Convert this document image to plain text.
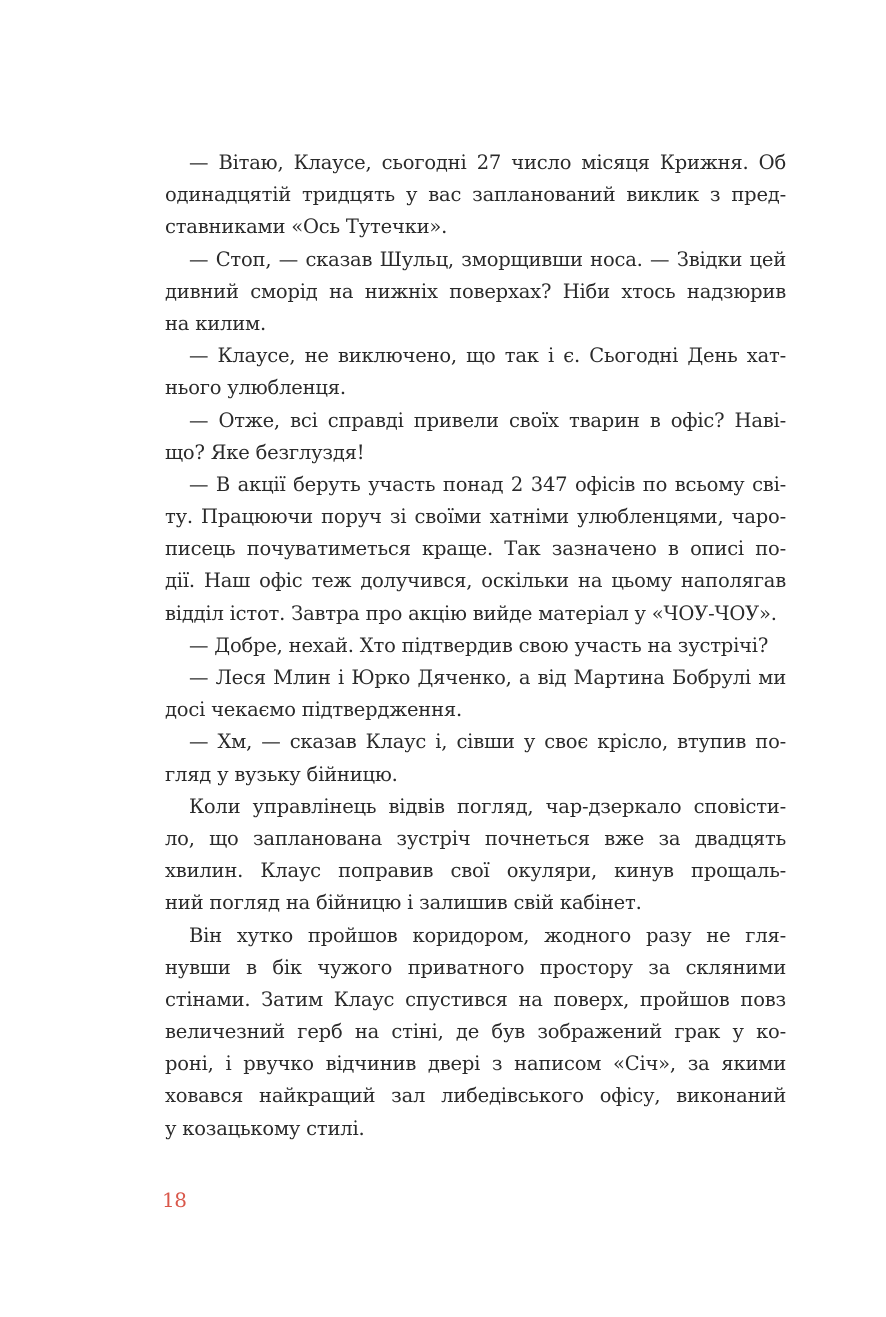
— Вітаю, Клаусе, сьогодні 27 число місяця Крижня. Об
одинадцятій тридцять у вас запланований виклик з пред-
ставниками «Ось Тутечки».
— Стоп, — сказав Шульц, зморщивши носа. — Звідки цей
дивний сморід на нижніх поверхах? Ніби хтось надзюрив
на килим.
— Клаусе, не виключено, що так і є. Сьогодні День хат-
нього улюбленця.
— Отже, всі справді привели своїх тварин в офіс? Наві-
що? Яке безглуздя!
— В акції беруть участь понад 2 347 офісів по всьому сві-
ту. Працюючи поруч зі своїми хатніми улюбленцями, чаро-
писець почуватиметься краще. Так зазначено в описі по-
дії. Наш офіс теж долучився, оскільки на цьому наполягав
відділ істот. Завтра про акцію вийде матеріал у «ЧОУ-ЧОУ».
— Добре, нехай. Хто підтвердив свою участь на зустрічі?
— Леся Млин і Юрко Дяченко, а від Мартина Бобрулі ми
досі чекаємо підтвердження.
— Хм, — сказав Клаус і, сівши у своє крісло, втупив по-
гляд у вузьку бійницю.
Коли управлінець відвів погляд, чар-дзеркало сповісти-
ло, що запланована зустріч почнеться вже за двадцять
хвилин. Клаус поправив свої окуляри, кинув прощаль-
ний погляд на бійницю і залишив свій кабінет.
Він хутко пройшов коридором, жодного разу не гля-
нувши в бік чужого приватного простору за скляними
стінами. Затим Клаус спустився на поверх, пройшов повз
величезний герб на стіні, де був зображений грак у ко-
роні, і рвучко відчинив двері з написом «Січ», за якими
ховався найкращий зал либедівського офісу, виконаний
у козацькому стилі.
18
